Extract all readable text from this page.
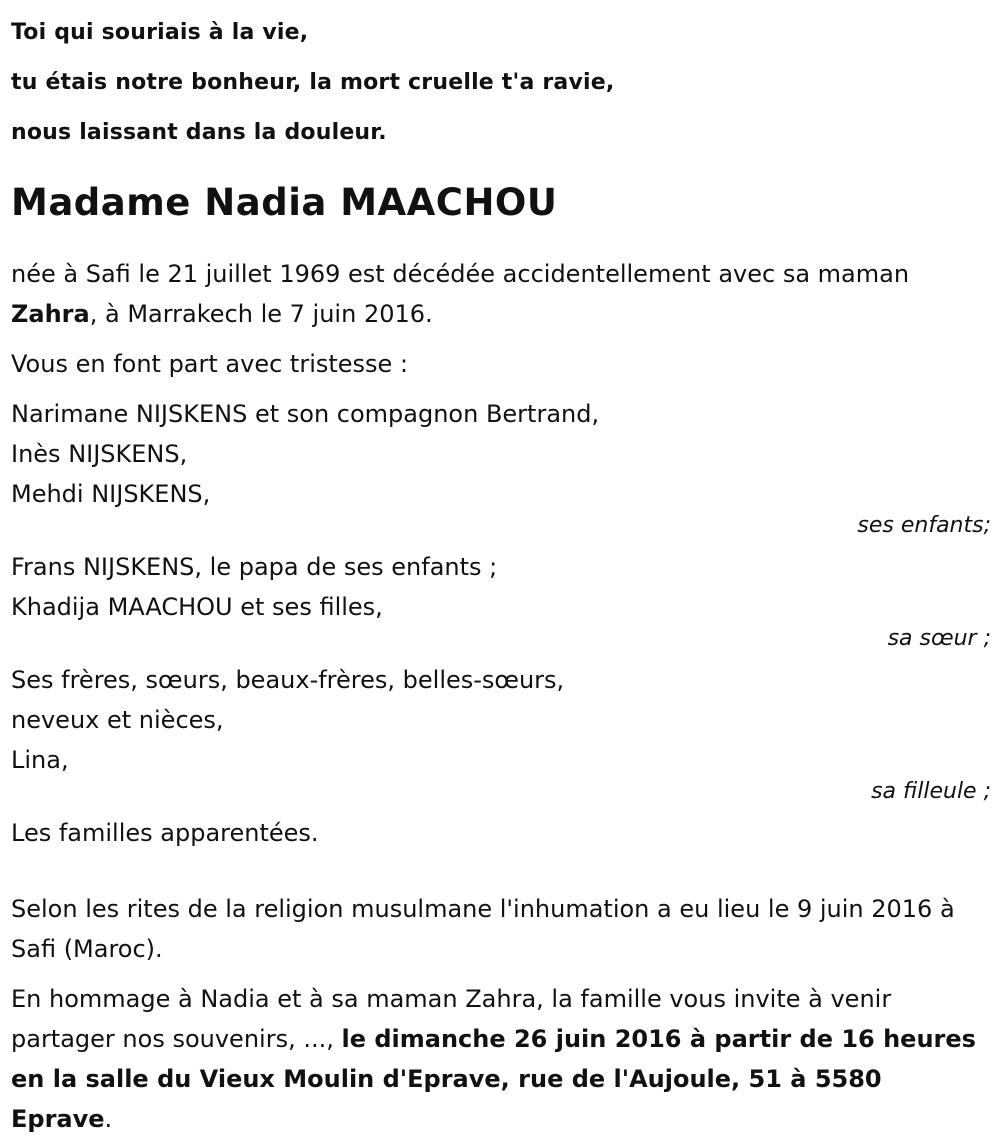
Toi qui souriais à la vie,

tu étais notre bonheur, la mort cruelle t'a ravie,

nous laissant dans la douleur.

Madame Nadia MAACHOU

née à Safi le 21 juillet 1969 est décédée accidentellement avec sa maman Zahra, à Marrakech le 7 juin 2016.

Vous en font part avec tristesse :

Narimane NIJSKENS et son compagnon Bertrand,

Inès NIJSKENS,

Mehdi NIJSKENS,

ses enfants;

Frans NIJSKENS, le papa de ses enfants ;

Khadija MAACHOU et ses filles,

sa sœur ;

Ses frères, sœurs, beaux-frères, belles-sœurs,

neveux et nièces,

Lina,

sa filleule ;

Les familles apparentées.

Selon les rites de la religion musulmane l'inhumation a eu lieu le 9 juin 2016 à Safi (Maroc).

En hommage à Nadia et à sa maman Zahra, la famille vous invite à venir partager nos souvenirs, ..., le dimanche 26 juin 2016 à partir de 16 heures en la salle du Vieux Moulin d'Eprave, rue de l'Aujoule, 51 à 5580 Eprave.
